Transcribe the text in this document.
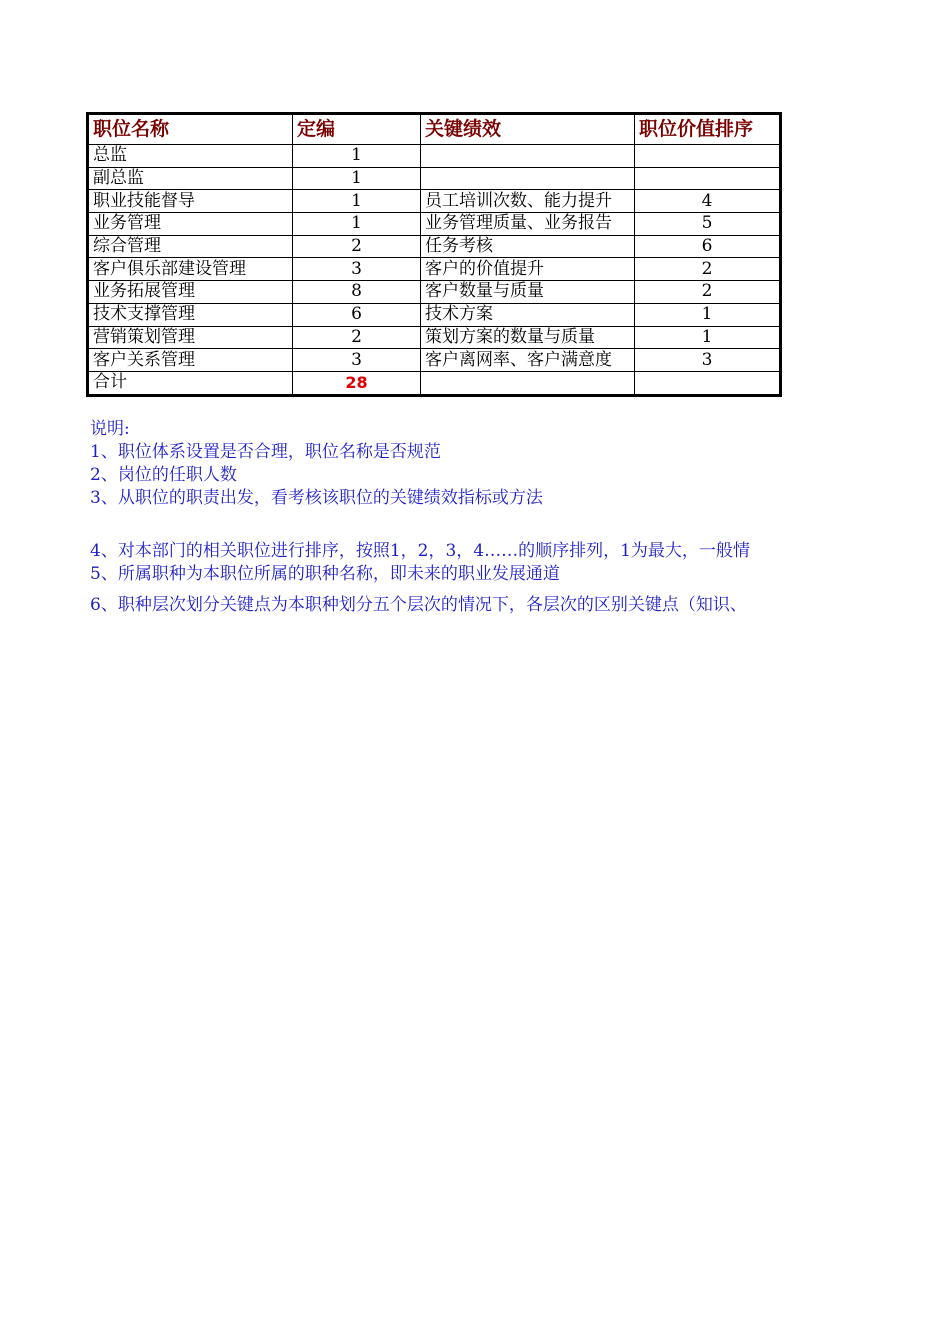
职位名称	定编	关键绩效	职位价值排序
总监	1		
副总监	1		
职业技能督导	1	员工培训次数、能力提升	4
业务管理	1	业务管理质量、业务报告	5
综合管理	2	任务考核	6
客户俱乐部建设管理	3	客户的价值提升	2
业务拓展管理	8	客户数量与质量	2
技术支撑管理	6	技术方案	1
营销策划管理	2	策划方案的数量与质量	1
客户关系管理	3	客户离网率、客户满意度	3
合计	28		
说明:
1、职位体系设置是否合理，职位名称是否规范
2、岗位的任职人数
3、从职位的职责出发，看考核该职位的关键绩效指标或方法
4、对本部门的相关职位进行排序，按照1，2，3，4……的顺序排列，1为最大，一般情
5、所属职种为本职位所属的职种名称，即未来的职业发展通道
6、职种层次划分关键点为本职种划分五个层次的情况下，各层次的区别关键点（知识、
